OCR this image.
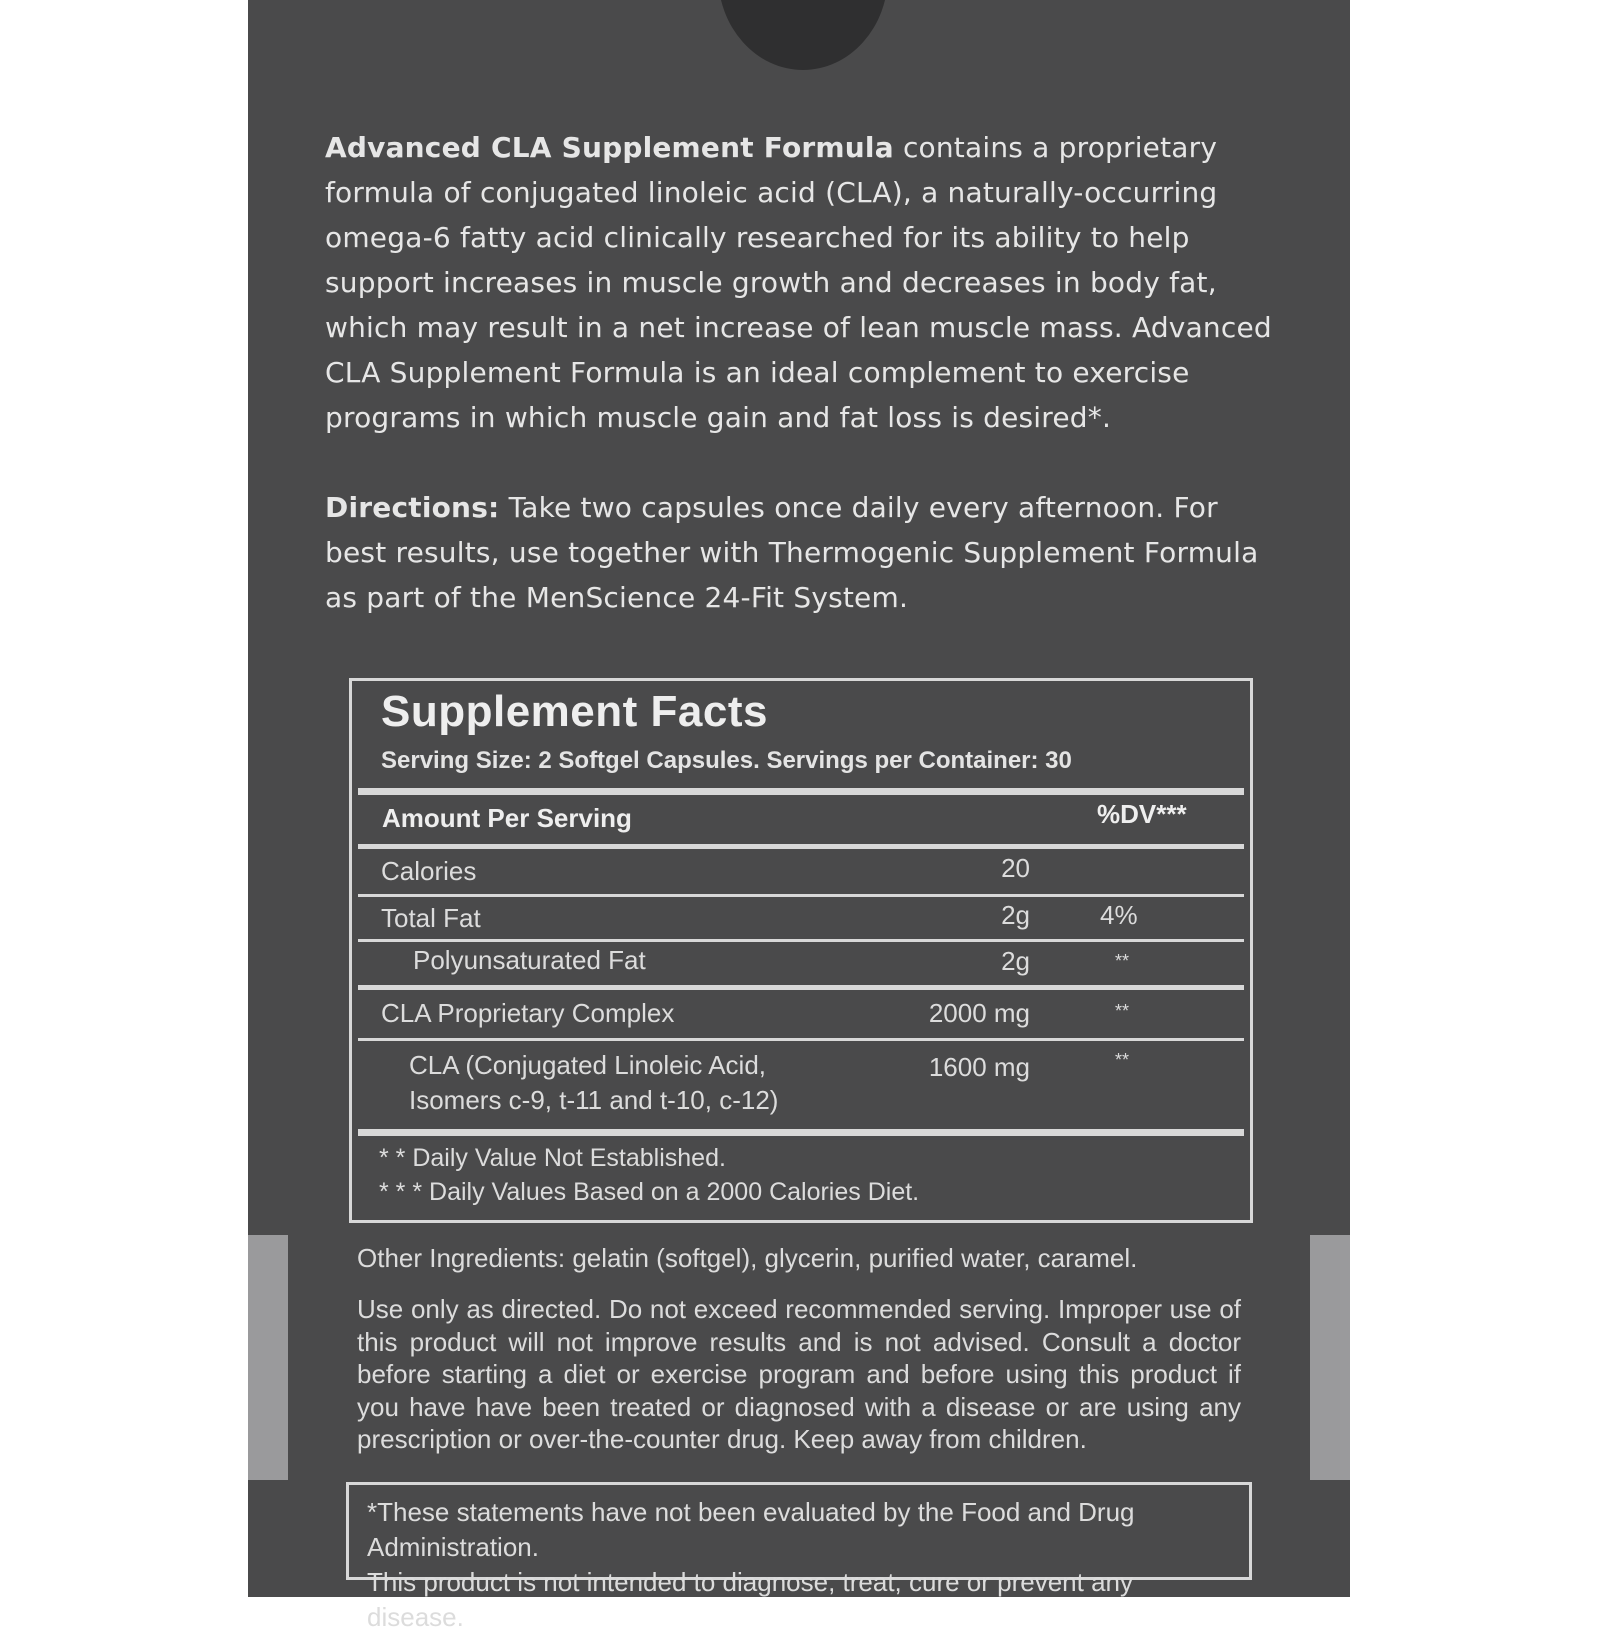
Advanced CLA Supplement Formula contains a proprietary formula of conjugated linoleic acid (CLA), a naturally-occurring omega-6 fatty acid clinically researched for its ability to help support increases in muscle growth and decreases in body fat, which may result in a net increase of lean muscle mass. Advanced CLA Supplement Formula is an ideal complement to exercise programs in which muscle gain and fat loss is desired*.

Directions: Take two capsules once daily every afternoon. For best results, use together with Thermogenic Supplement Formula as part of the MenScience 24-Fit System.

Supplement Facts
Serving Size: 2 Softgel Capsules. Servings per Container: 30
Amount Per Serving	%DV***
Calories	20
Total Fat	2g	4%
Polyunsaturated Fat	2g	**
CLA Proprietary Complex	2000 mg	**
CLA (Conjugated Linoleic Acid,
Isomers c-9, t-11 and t-10, c-12)
1600 mg	**
* * Daily Value Not Established.
* * * Daily Values Based on a 2000 Calories Diet.
Other Ingredients: gelatin (softgel), glycerin, purified water, caramel.

Use only as directed. Do not exceed recommended serving. Improper use of this product will not improve results and is not advised. Consult a doctor before starting a diet or exercise program and before using this product if you have have been treated or diagnosed with a disease or are using any prescription or over-the-counter drug. Keep away from children.

*These statements have not been evaluated by the Food and Drug Administration.
This product is not intended to diagnose, treat, cure or prevent any disease.
